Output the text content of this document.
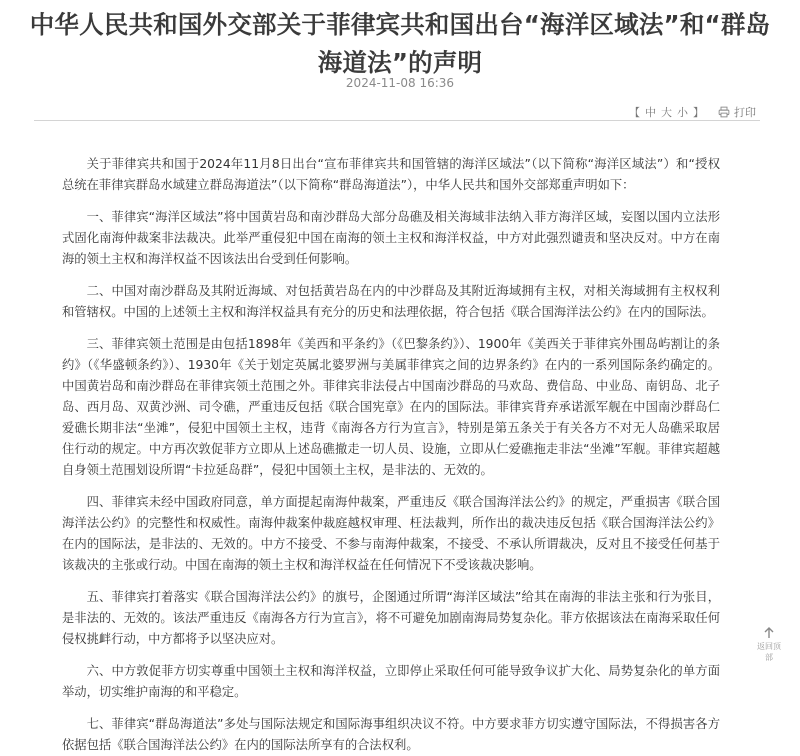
中华人民共和国外交部关于菲律宾共和国出台“海洋区域法”和“群岛
海道法”的声明
2024-11-08 16:36
【 中 大 小 】	打印

关于菲律宾共和国于2024年11月8日出台“宣布菲律宾共和国管辖的海洋区域法”（以下简称“海洋区域法”）和“授权总统在菲律宾群岛水域建立群岛海道法”（以下简称“群岛海道法”），中华人民共和国外交部郑重声明如下：

一、菲律宾“海洋区域法”将中国黄岩岛和南沙群岛大部分岛礁及相关海域非法纳入菲方海洋区域，妄图以国内立法形式固化南海仲裁案非法裁决。此举严重侵犯中国在南海的领土主权和海洋权益，中方对此强烈谴责和坚决反对。中方在南海的领土主权和海洋权益不因该法出台受到任何影响。

二、中国对南沙群岛及其附近海域、对包括黄岩岛在内的中沙群岛及其附近海域拥有主权，对相关海域拥有主权权利和管辖权。中国的上述领土主权和海洋权益具有充分的历史和法理依据，符合包括《联合国海洋法公约》在内的国际法。

三、菲律宾领土范围是由包括1898年《美西和平条约》（《巴黎条约》）、1900年《美西关于菲律宾外围岛屿割让的条约》（《华盛顿条约》）、1930年《关于划定英属北婆罗洲与美属菲律宾之间的边界条约》在内的一系列国际条约确定的。中国黄岩岛和南沙群岛在菲律宾领土范围之外。菲律宾非法侵占中国南沙群岛的马欢岛、费信岛、中业岛、南钥岛、北子岛、西月岛、双黄沙洲、司令礁，严重违反包括《联合国宪章》在内的国际法。菲律宾背弃承诺派军舰在中国南沙群岛仁爱礁长期非法“坐滩”，侵犯中国领土主权，违背《南海各方行为宣言》，特别是第五条关于有关各方不对无人岛礁采取居住行动的规定。中方再次敦促菲方立即从上述岛礁撤走一切人员、设施，立即从仁爱礁拖走非法“坐滩”军舰。菲律宾超越自身领土范围划设所谓“卡拉延岛群”，侵犯中国领土主权，是非法的、无效的。

四、菲律宾未经中国政府同意，单方面提起南海仲裁案，严重违反《联合国海洋法公约》的规定，严重损害《联合国海洋法公约》的完整性和权威性。南海仲裁案仲裁庭越权审理、枉法裁判，所作出的裁决违反包括《联合国海洋法公约》在内的国际法，是非法的、无效的。中方不接受、不参与南海仲裁案，不接受、不承认所谓裁决，反对且不接受任何基于该裁决的主张或行动。中国在南海的领土主权和海洋权益在任何情况下不受该裁决影响。

五、菲律宾打着落实《联合国海洋法公约》的旗号，企图通过所谓“海洋区域法”给其在南海的非法主张和行为张目，是非法的、无效的。该法严重违反《南海各方行为宣言》，将不可避免加剧南海局势复杂化。菲方依据该法在南海采取任何侵权挑衅行动，中方都将予以坚决应对。

六、中方敦促菲方切实尊重中国领土主权和海洋权益，立即停止采取任何可能导致争议扩大化、局势复杂化的单方面举动，切实维护南海的和平稳定。

七、菲律宾“群岛海道法”多处与国际法规定和国际海事组织决议不符。中方要求菲方切实遵守国际法，不得损害各方依据包括《联合国海洋法公约》在内的国际法所享有的合法权利。

返回顶部
